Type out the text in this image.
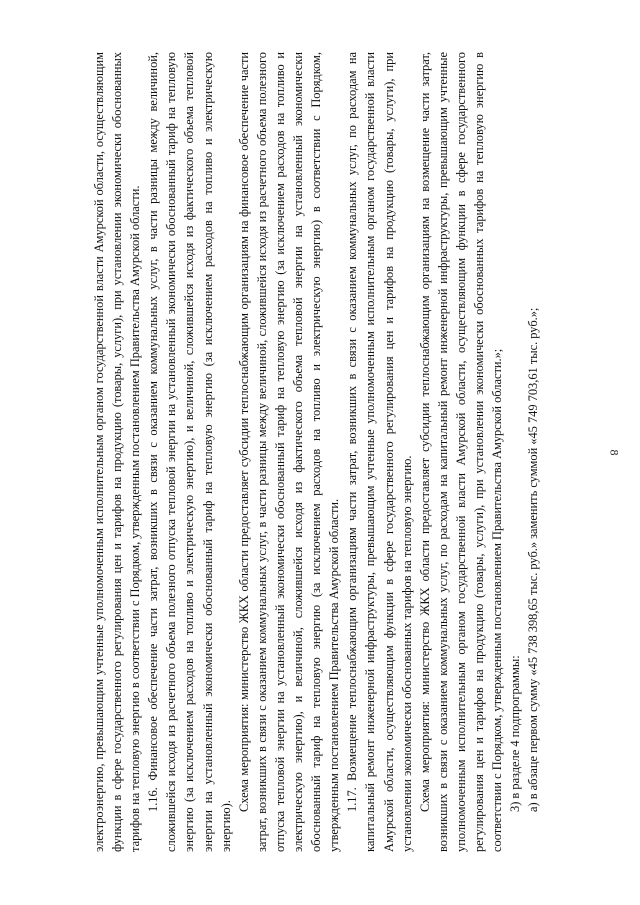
8

электроэнергию, превышающим учтенные уполномоченным исполнительным органом государственной власти Амурской области, осуществляющим функции в сфере государственного регулирования цен и тарифов на продукцию (товары, услуги), при установлении экономически обоснованных тарифов на тепловую энергию в соответствии с Порядком, утвержденным постановлением Правительства Амурской области. 1.16. Финансовое обеспечение части затрат, возникших в связи с оказанием коммунальных услуг, в части разницы между величиной, сложившейся исходя из расчетного объема полезного отпуска тепловой энергии на установленный экономически обоснованный тариф на тепловую энергию (за исключением расходов на топливо и электрическую энергию), и величиной, сложившейся исходя из фактического объема тепловой энергии на установленный экономически обоснованный тариф на тепловую энергию (за исключением расходов на топливо и электрическую энергию).

Схема мероприятия: министерство ЖКХ области предоставляет субсидии теплоснабжающим организациям на финансовое обеспечение части затрат, возникших в связи с оказанием коммунальных услуг, в части разницы между величиной, сложившейся исходя из расчетного объема полезного отпуска тепловой энергии на установленный экономически обоснованный тариф на тепловую энергию (за исключением расходов на топливо и электрическую энергию), и величиной, сложившейся исходя из фактического объема тепловой энергии на установленный экономически обоснованный тариф на тепловую энергию (за исключением расходов на топливо и электрическую энергию) в соответствии с Порядком, утвержденным постановлением Правительства Амурской области. 1.17. Возмещение теплоснабжающим организациям части затрат, возникших в связи с оказанием коммунальных услуг, по расходам на капитальный ремонт инженерной инфраструктуры, превышающим учтенные уполномоченным исполнительным органом государственной власти Амурской области, осуществляющим функции в сфере государственного регулирования цен и тарифов на продукцию (товары, услуги), при установлении экономически обоснованных тарифов на тепловую энергию. Схема мероприятия: министерство ЖКХ области предоставляет субсидии теплоснабжающим организациям на возмещение части затрат, возникших в связи с оказанием коммунальных услуг, по расходам на капитальный ремонт инженерной инфраструктуры, превышающим учтенные уполномоченным исполнительным органом государственной власти Амурской области, осуществляющим функции в сфере государственного регулирования цен и тарифов на продукцию (товары, услуги), при установлении экономически обоснованных тарифов на тепловую энергию в соответствии с Порядком, утвержденным постановлением Правительства Амурской области.»; 3) в разделе 4 подпрограммы: а) в абзаце первом сумму «45 738 398,65 тыс. руб.» заменить суммой «45 749 703,61 тыс. руб.»;
